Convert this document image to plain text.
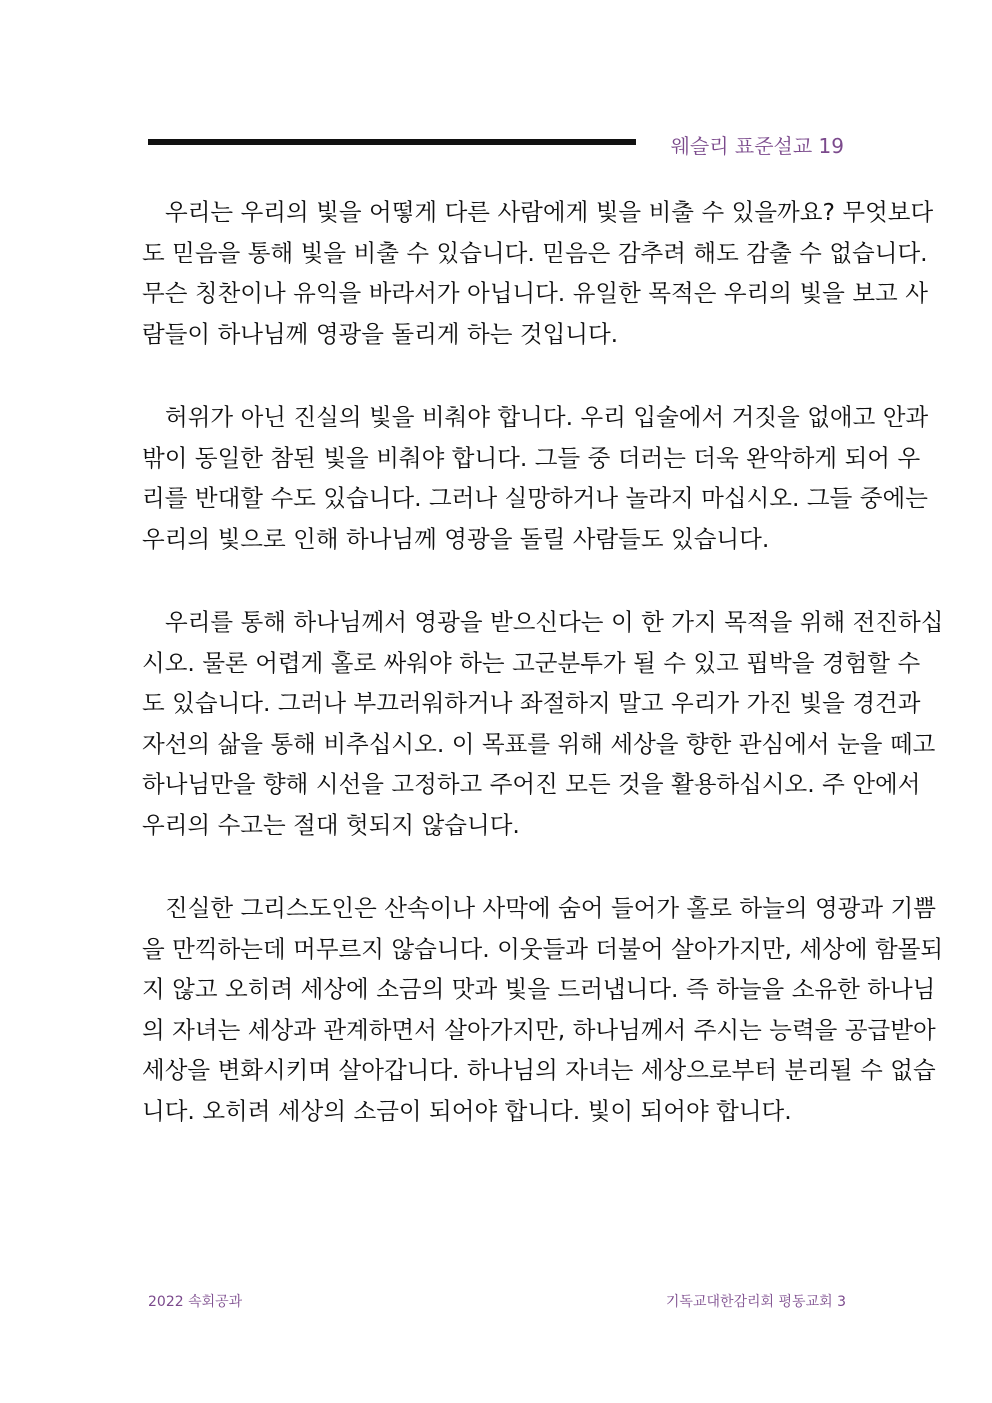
웨슬리 표준설교 19
우리는 우리의 빛을 어떻게 다른 사람에게 빛을 비출 수 있을까요? 무엇보다
도 믿음을 통해 빛을 비출 수 있습니다. 믿음은 감추려 해도 감출 수 없습니다.
무슨 칭찬이나 유익을 바라서가 아닙니다. 유일한 목적은 우리의 빛을 보고 사
람들이 하나님께 영광을 돌리게 하는 것입니다.
허위가 아닌 진실의 빛을 비춰야 합니다. 우리 입술에서 거짓을 없애고 안과
밖이 동일한 참된 빛을 비춰야 합니다. 그들 중 더러는 더욱 완악하게 되어 우
리를 반대할 수도 있습니다. 그러나 실망하거나 놀라지 마십시오. 그들 중에는
우리의 빛으로 인해 하나님께 영광을 돌릴 사람들도 있습니다.
우리를 통해 하나님께서 영광을 받으신다는 이 한 가지 목적을 위해 전진하십
시오. 물론 어렵게 홀로 싸워야 하는 고군분투가 될 수 있고 핍박을 경험할 수
도 있습니다. 그러나 부끄러워하거나 좌절하지 말고 우리가 가진 빛을 경건과
자선의 삶을 통해 비추십시오. 이 목표를 위해 세상을 향한 관심에서 눈을 떼고
하나님만을 향해 시선을 고정하고 주어진 모든 것을 활용하십시오. 주 안에서
우리의 수고는 절대 헛되지 않습니다.
진실한 그리스도인은 산속이나 사막에 숨어 들어가 홀로 하늘의 영광과 기쁨
을 만끽하는데 머무르지 않습니다. 이웃들과 더불어 살아가지만, 세상에 함몰되
지 않고 오히려 세상에 소금의 맛과 빛을 드러냅니다. 즉 하늘을 소유한 하나님
의 자녀는 세상과 관계하면서 살아가지만, 하나님께서 주시는 능력을 공급받아
세상을 변화시키며 살아갑니다. 하나님의 자녀는 세상으로부터 분리될 수 없습
니다. 오히려 세상의 소금이 되어야 합니다. 빛이 되어야 합니다.
2022 속회공과	기독교대한감리회 평동교회 3
